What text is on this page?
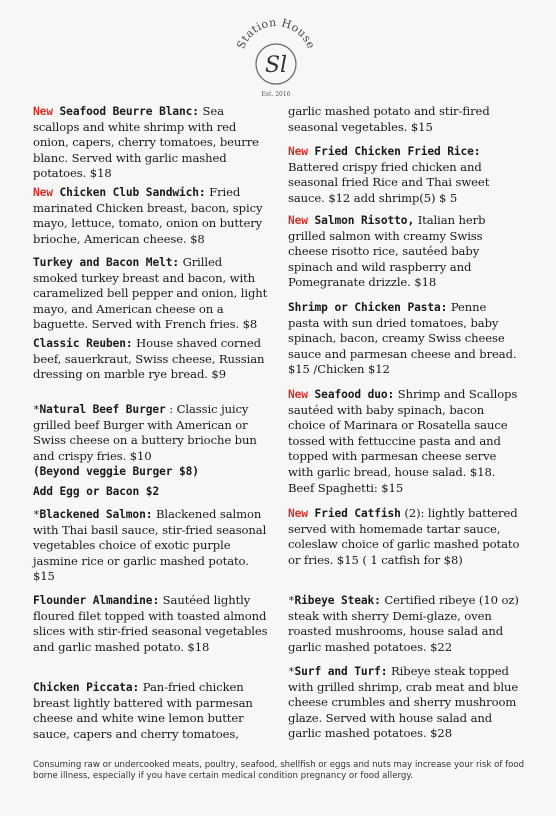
Station House
Sl
Est. 2016
New Seafood Beurre Blanc: Sea scallops and white shrimp with red onion, capers, cherry tomatoes, beurre blanc. Served with garlic mashed potatoes. $18
New Chicken Club Sandwich: Fried marinated Chicken breast, bacon, spicy mayo, lettuce, tomato, onion on buttery brioche, American cheese. $8
Turkey and Bacon Melt: Grilled smoked turkey breast and bacon, with caramelized bell pepper and onion, light mayo, and American cheese on a baguette. Served with French fries. $8
Classic Reuben: House shaved corned beef, sauerkraut, Swiss cheese, Russian dressing on marble rye bread. $9
*Natural Beef Burger : Classic juicy grilled beef Burger with American or Swiss cheese on a buttery brioche bun and crispy fries. $10
(Beyond veggie Burger $8)
Add Egg or Bacon $2
*Blackened Salmon: Blackened salmon with Thai basil sauce, stir-fried seasonal vegetables choice of exotic purple jasmine rice or garlic mashed potato. $15
Flounder Almandine: Sautéed lightly floured filet topped with toasted almond slices with stir-fried seasonal vegetables and garlic mashed potato. $18
Chicken Piccata: Pan-fried chicken breast lightly battered with parmesan cheese and white wine lemon butter sauce, capers and cherry tomatoes,
garlic mashed potato and stir-fired seasonal vegetables. $15
New Fried Chicken Fried Rice: Battered crispy fried chicken and seasonal fried Rice and Thai sweet sauce. $12 add shrimp(5) $ 5
New Salmon Risotto, Italian herb grilled salmon with creamy Swiss cheese risotto rice, sautéed baby spinach and wild raspberry and Pomegranate drizzle. $18
Shrimp or Chicken Pasta: Penne pasta with sun dried tomatoes, baby spinach, bacon, creamy Swiss cheese sauce and parmesan cheese and bread. $15 /Chicken $12
New Seafood duo: Shrimp and Scallops sautéed with baby spinach, bacon choice of Marinara or Rosatella sauce tossed with fettuccine pasta and and topped with parmesan cheese serve with garlic bread, house salad. $18. Beef Spaghetti: $15
New Fried Catfish (2): lightly battered served with homemade tartar sauce, coleslaw choice of garlic mashed potato or fries. $15 ( 1 catfish for $8)
*Ribeye Steak: Certified ribeye (10 oz) steak with sherry Demi-glaze, oven roasted mushrooms, house salad and garlic mashed potatoes. $22
*Surf and Turf: Ribeye steak topped with grilled shrimp, crab meat and blue cheese crumbles and sherry mushroom glaze. Served with house salad and garlic mashed potatoes. $28
Consuming raw or undercooked meats, poultry, seafood, shellfish or eggs and nuts may increase your risk of food borne illness, especially if you have certain medical condition pregnancy or food allergy.
